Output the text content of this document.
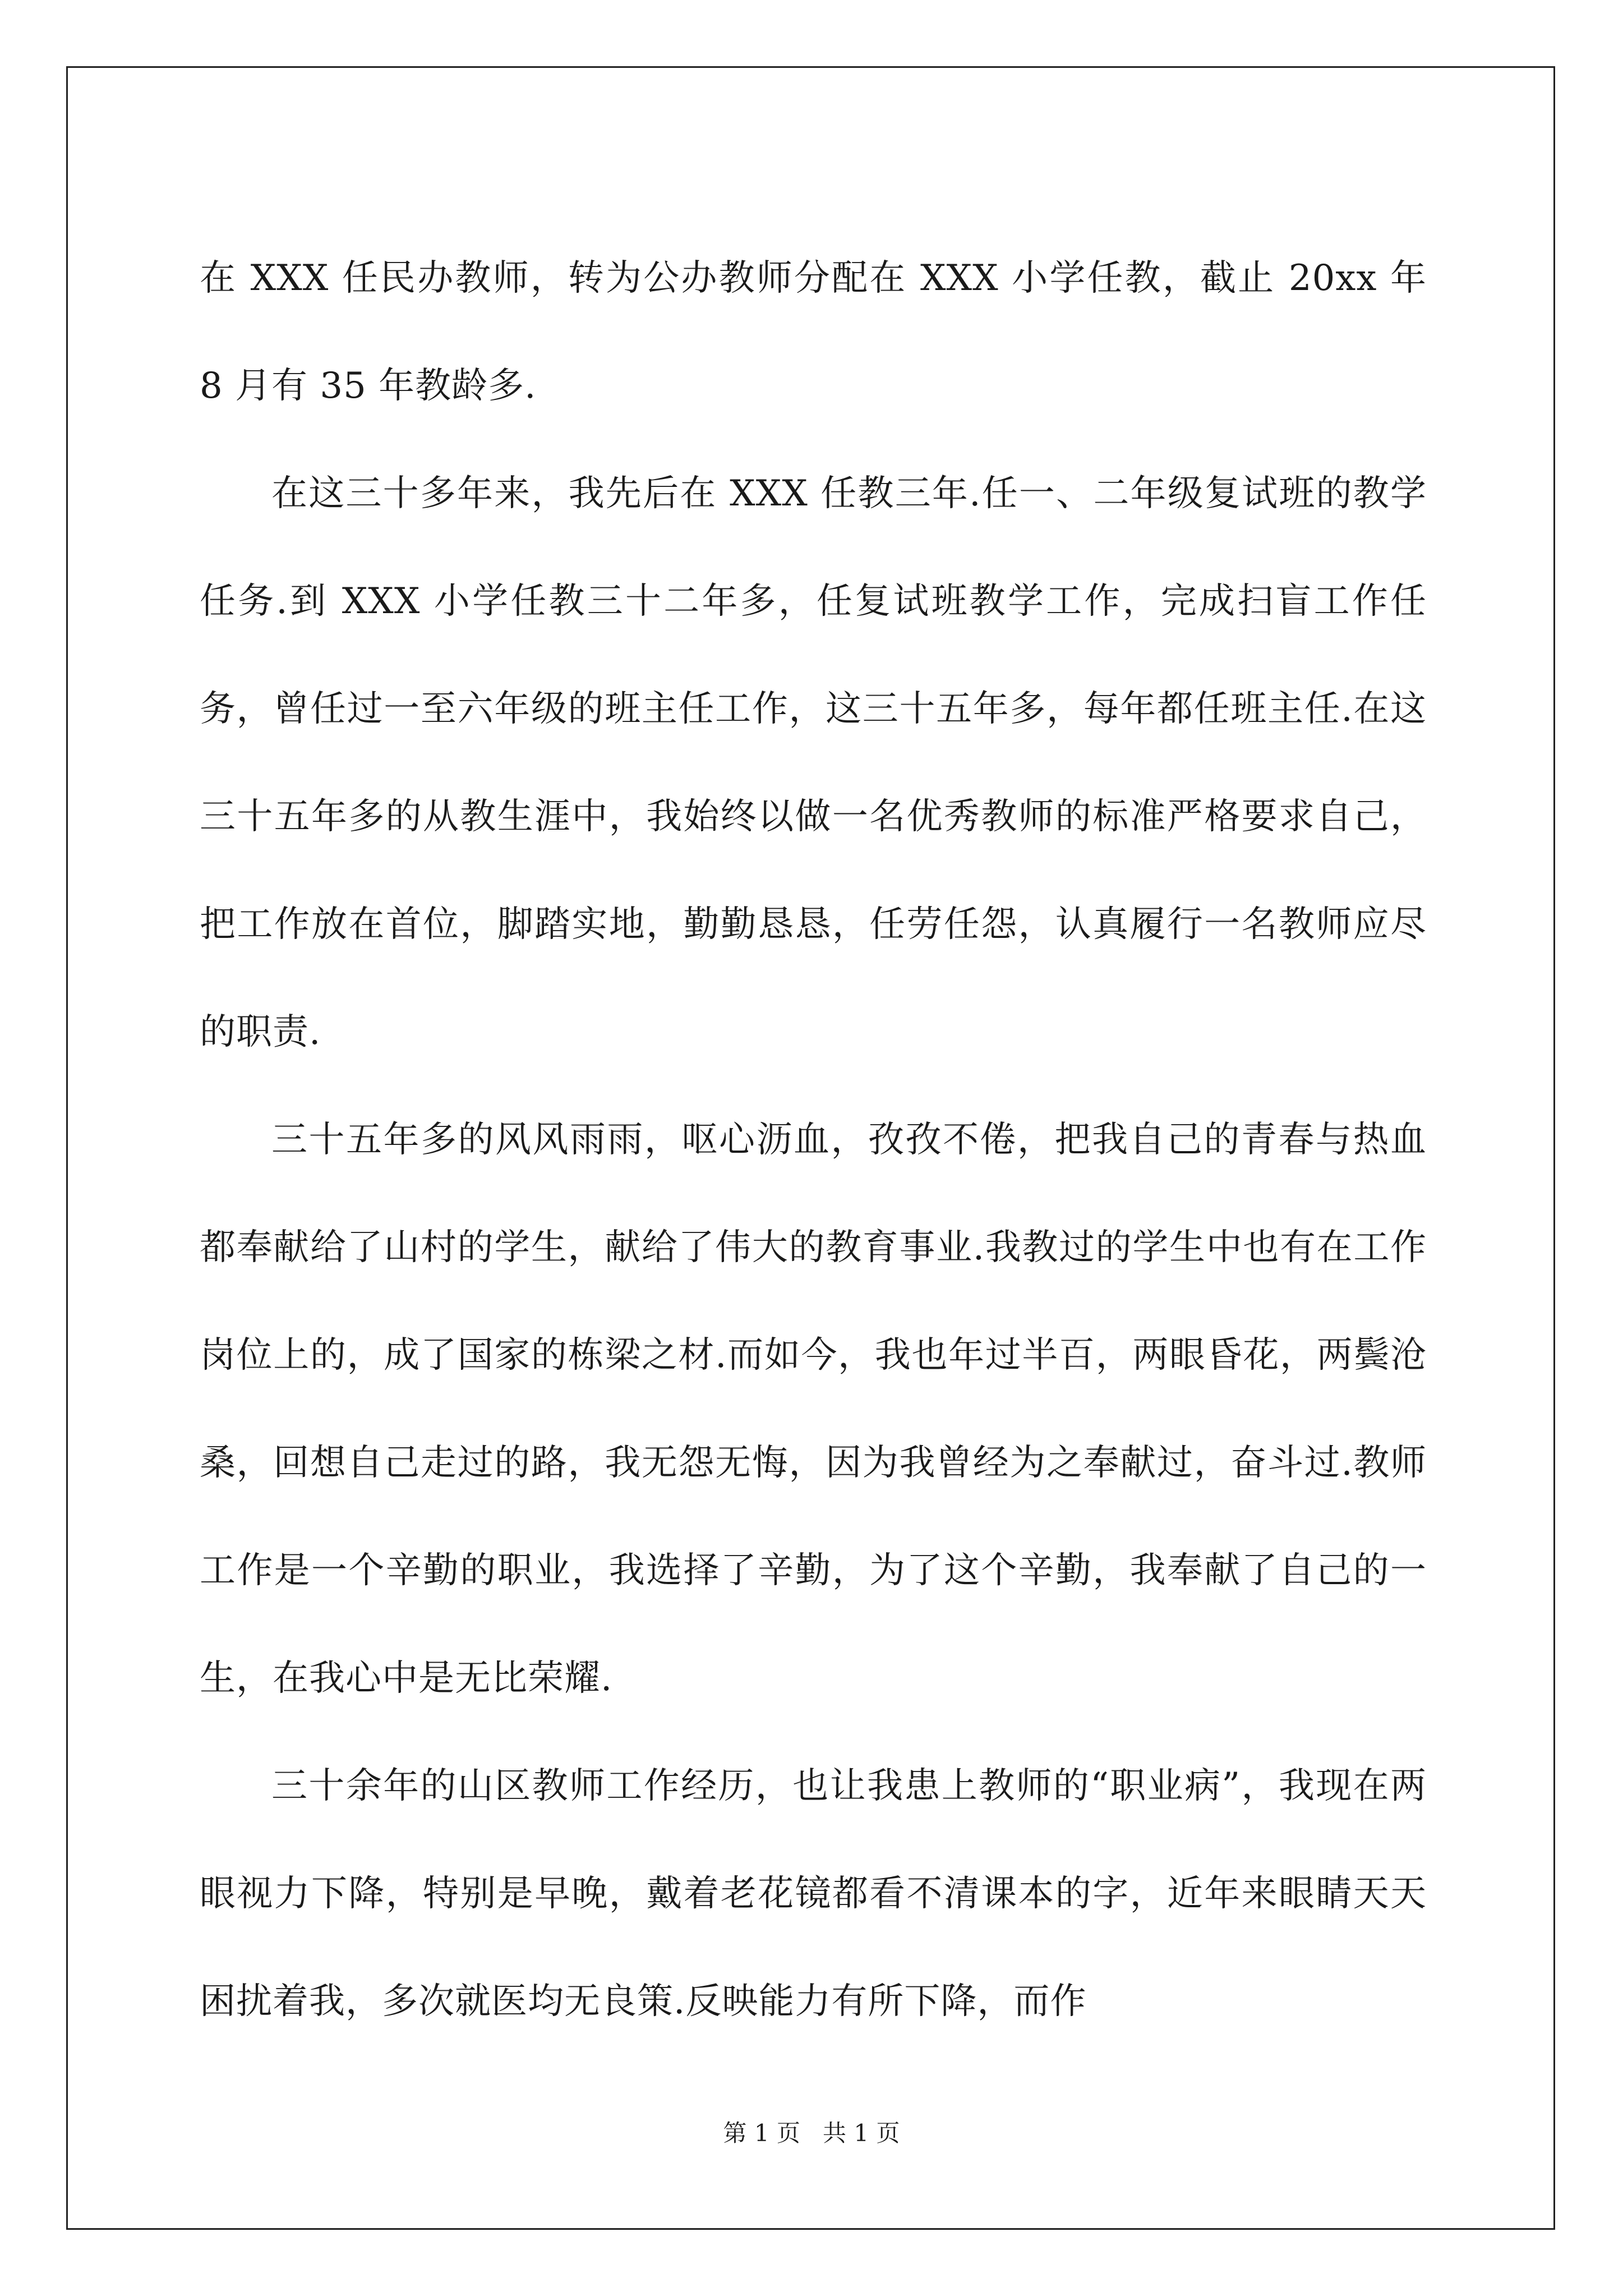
在 XXX 任民办教师，转为公办教师分配在 XXX 小学任教，截止 20xx 年 8 月有 35 年教龄多.

在这三十多年来，我先后在 XXX 任教三年.任一、二年级复试班的教学任务.到 XXX 小学任教三十二年多，任复试班教学工作，完成扫盲工作任务，曾任过一至六年级的班主任工作，这三十五年多，每年都任班主任.在这三十五年多的从教生涯中，我始终以做一名优秀教师的标准严格要求自己，把工作放在首位，脚踏实地，勤勤恳恳，任劳任怨，认真履行一名教师应尽的职责.

三十五年多的风风雨雨，呕心沥血，孜孜不倦，把我自己的青春与热血都奉献给了山村的学生，献给了伟大的教育事业.我教过的学生中也有在工作岗位上的，成了国家的栋梁之材.而如今，我也年过半百，两眼昏花，两鬓沧桑，回想自己走过的路，我无怨无悔，因为我曾经为之奉献过，奋斗过.教师工作是一个辛勤的职业，我选择了辛勤，为了这个辛勤，我奉献了自己的一生，在我心中是无比荣耀.

三十余年的山区教师工作经历，也让我患上教师的“职业病”，我现在两眼视力下降，特别是早晚，戴着老花镜都看不清课本的字，近年来眼睛天天困扰着我，多次就医均无良策.反映能力有所下降，而作

第 1 页   共 1 页
